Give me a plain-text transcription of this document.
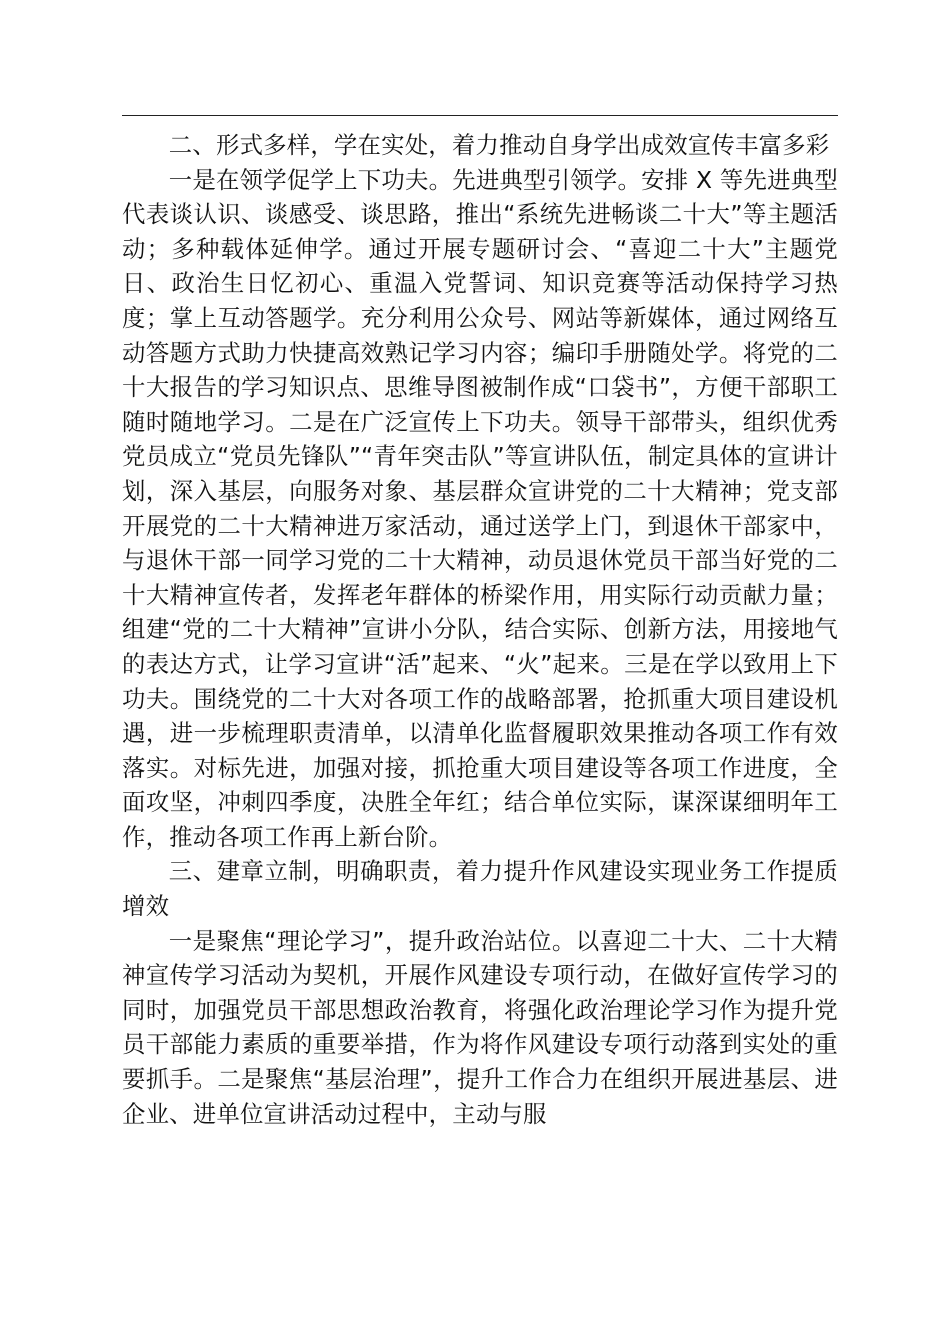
二、形式多样，学在实处，着力推动自身学出成效宣传丰富多彩

一是在领学促学上下功夫。先进典型引领学。安排 X 等先进典型代表谈认识、谈感受、谈思路，推出“系统先进畅谈二十大”等主题活动；多种载体延伸学。通过开展专题研讨会、“喜迎二十大”主题党日、政治生日忆初心、重温入党誓词、知识竞赛等活动保持学习热度；掌上互动答题学。充分利用公众号、网站等新媒体，通过网络互动答题方式助力快捷高效熟记学习内容；编印手册随处学。将党的二十大报告的学习知识点、思维导图被制作成“口袋书”，方便干部职工随时随地学习。二是在广泛宣传上下功夫。领导干部带头，组织优秀党员成立“党员先锋队”“青年突击队”等宣讲队伍，制定具体的宣讲计划，深入基层，向服务对象、基层群众宣讲党的二十大精神；党支部开展党的二十大精神进万家活动，通过送学上门，到退休干部家中，与退休干部一同学习党的二十大精神，动员退休党员干部当好党的二十大精神宣传者，发挥老年群体的桥梁作用，用实际行动贡献力量；组建“党的二十大精神”宣讲小分队，结合实际、创新方法，用接地气的表达方式，让学习宣讲“活”起来、“火”起来。三是在学以致用上下功夫。围绕党的二十大对各项工作的战略部署，抢抓重大项目建设机遇，进一步梳理职责清单，以清单化监督履职效果推动各项工作有效落实。对标先进，加强对接，抓抢重大项目建设等各项工作进度，全面攻坚，冲刺四季度，决胜全年红；结合单位实际，谋深谋细明年工作，推动各项工作再上新台阶。

三、建章立制，明确职责，着力提升作风建设实现业务工作提质增效

一是聚焦“理论学习”，提升政治站位。以喜迎二十大、二十大精神宣传学习活动为契机，开展作风建设专项行动，在做好宣传学习的同时，加强党员干部思想政治教育，将强化政治理论学习作为提升党员干部能力素质的重要举措，作为将作风建设专项行动落到实处的重要抓手。二是聚焦“基层治理”，提升工作合力在组织开展进基层、进企业、进单位宣讲活动过程中，主动与服
